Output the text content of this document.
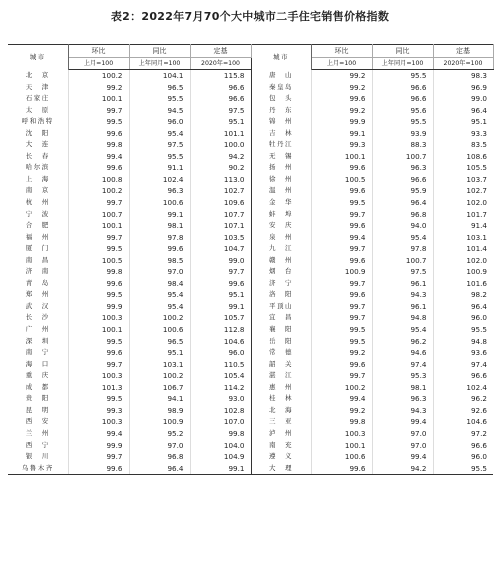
表2：2022年7月70个大中城市二手住宅销售价格指数
城市	环比	同比	定基	城市	环比	同比	定基
	上月=100	上年同月=100	2020年=100		上月=100	上年同月=100	2020年=100
北　京	100.2	104.1	115.8	唐　山	99.2	95.5	98.3
天　津	99.2	96.5	96.6	秦皇岛	99.2	96.6	96.9
石家庄	100.1	95.5	96.6	包　头	99.6	96.6	99.0
太　原	99.7	94.5	97.5	丹　东	99.2	95.6	96.4
呼和浩特	99.5	96.0	95.1	锦　州	99.9	95.5	95.1
沈　阳	99.6	95.4	101.1	吉　林	99.1	93.9	93.3
大　连	99.8	97.5	100.0	牡丹江	99.3	88.3	83.5
长　春	99.4	95.5	94.2	无　锡	100.1	100.7	108.6
哈尔滨	99.6	91.1	90.2	扬　州	99.6	96.3	105.5
上　海	100.8	102.4	113.0	徐　州	100.5	96.6	103.7
南　京	100.2	96.3	102.7	温　州	99.6	95.9	102.7
杭　州	99.7	100.6	109.6	金　华	99.5	96.4	102.0
宁　波	100.7	99.1	107.7	蚌　埠	99.7	96.8	101.7
合　肥	100.1	98.1	107.1	安　庆	99.6	94.0	91.4
福　州	99.7	97.8	103.5	泉　州	99.4	95.4	103.1
厦　门	99.5	99.6	104.7	九　江	99.7	97.8	101.4
南　昌	100.5	98.5	99.0	赣　州	99.6	100.7	102.0
济　南	99.8	97.0	97.7	烟　台	100.9	97.5	100.9
青　岛	99.6	98.4	99.6	济　宁	99.7	96.1	101.6
郑　州	99.5	95.4	95.1	洛　阳	99.6	94.3	98.2
武　汉	99.9	95.4	99.1	平顶山	99.7	96.1	96.4
长　沙	100.3	100.2	105.7	宜　昌	99.7	94.8	96.0
广　州	100.1	100.6	112.8	襄　阳	99.5	95.4	95.5
深　圳	99.5	96.5	104.6	岳　阳	99.5	96.2	94.8
南　宁	99.6	95.1	96.0	常　德	99.2	94.6	93.6
海　口	99.7	103.1	110.5	韶　关	99.6	97.4	97.4
重　庆	100.3	100.2	105.4	湛　江	99.7	95.3	96.6
成　都	101.3	106.7	114.2	惠　州	100.2	98.1	102.4
贵　阳	99.5	94.1	93.0	桂　林	99.4	96.3	96.2
昆　明	99.3	98.9	102.8	北　海	99.2	94.3	92.6
西　安	100.3	100.9	107.0	三　亚	99.8	99.4	104.6
兰　州	99.4	95.2	99.8	泸　州	100.3	97.0	97.2
西　宁	99.9	97.0	104.0	南　充	100.1	97.0	96.6
银　川	99.7	96.8	104.9	遵　义	100.6	99.4	96.0
乌鲁木齐	99.6	96.4	99.1	大　理	99.6	94.2	95.5
